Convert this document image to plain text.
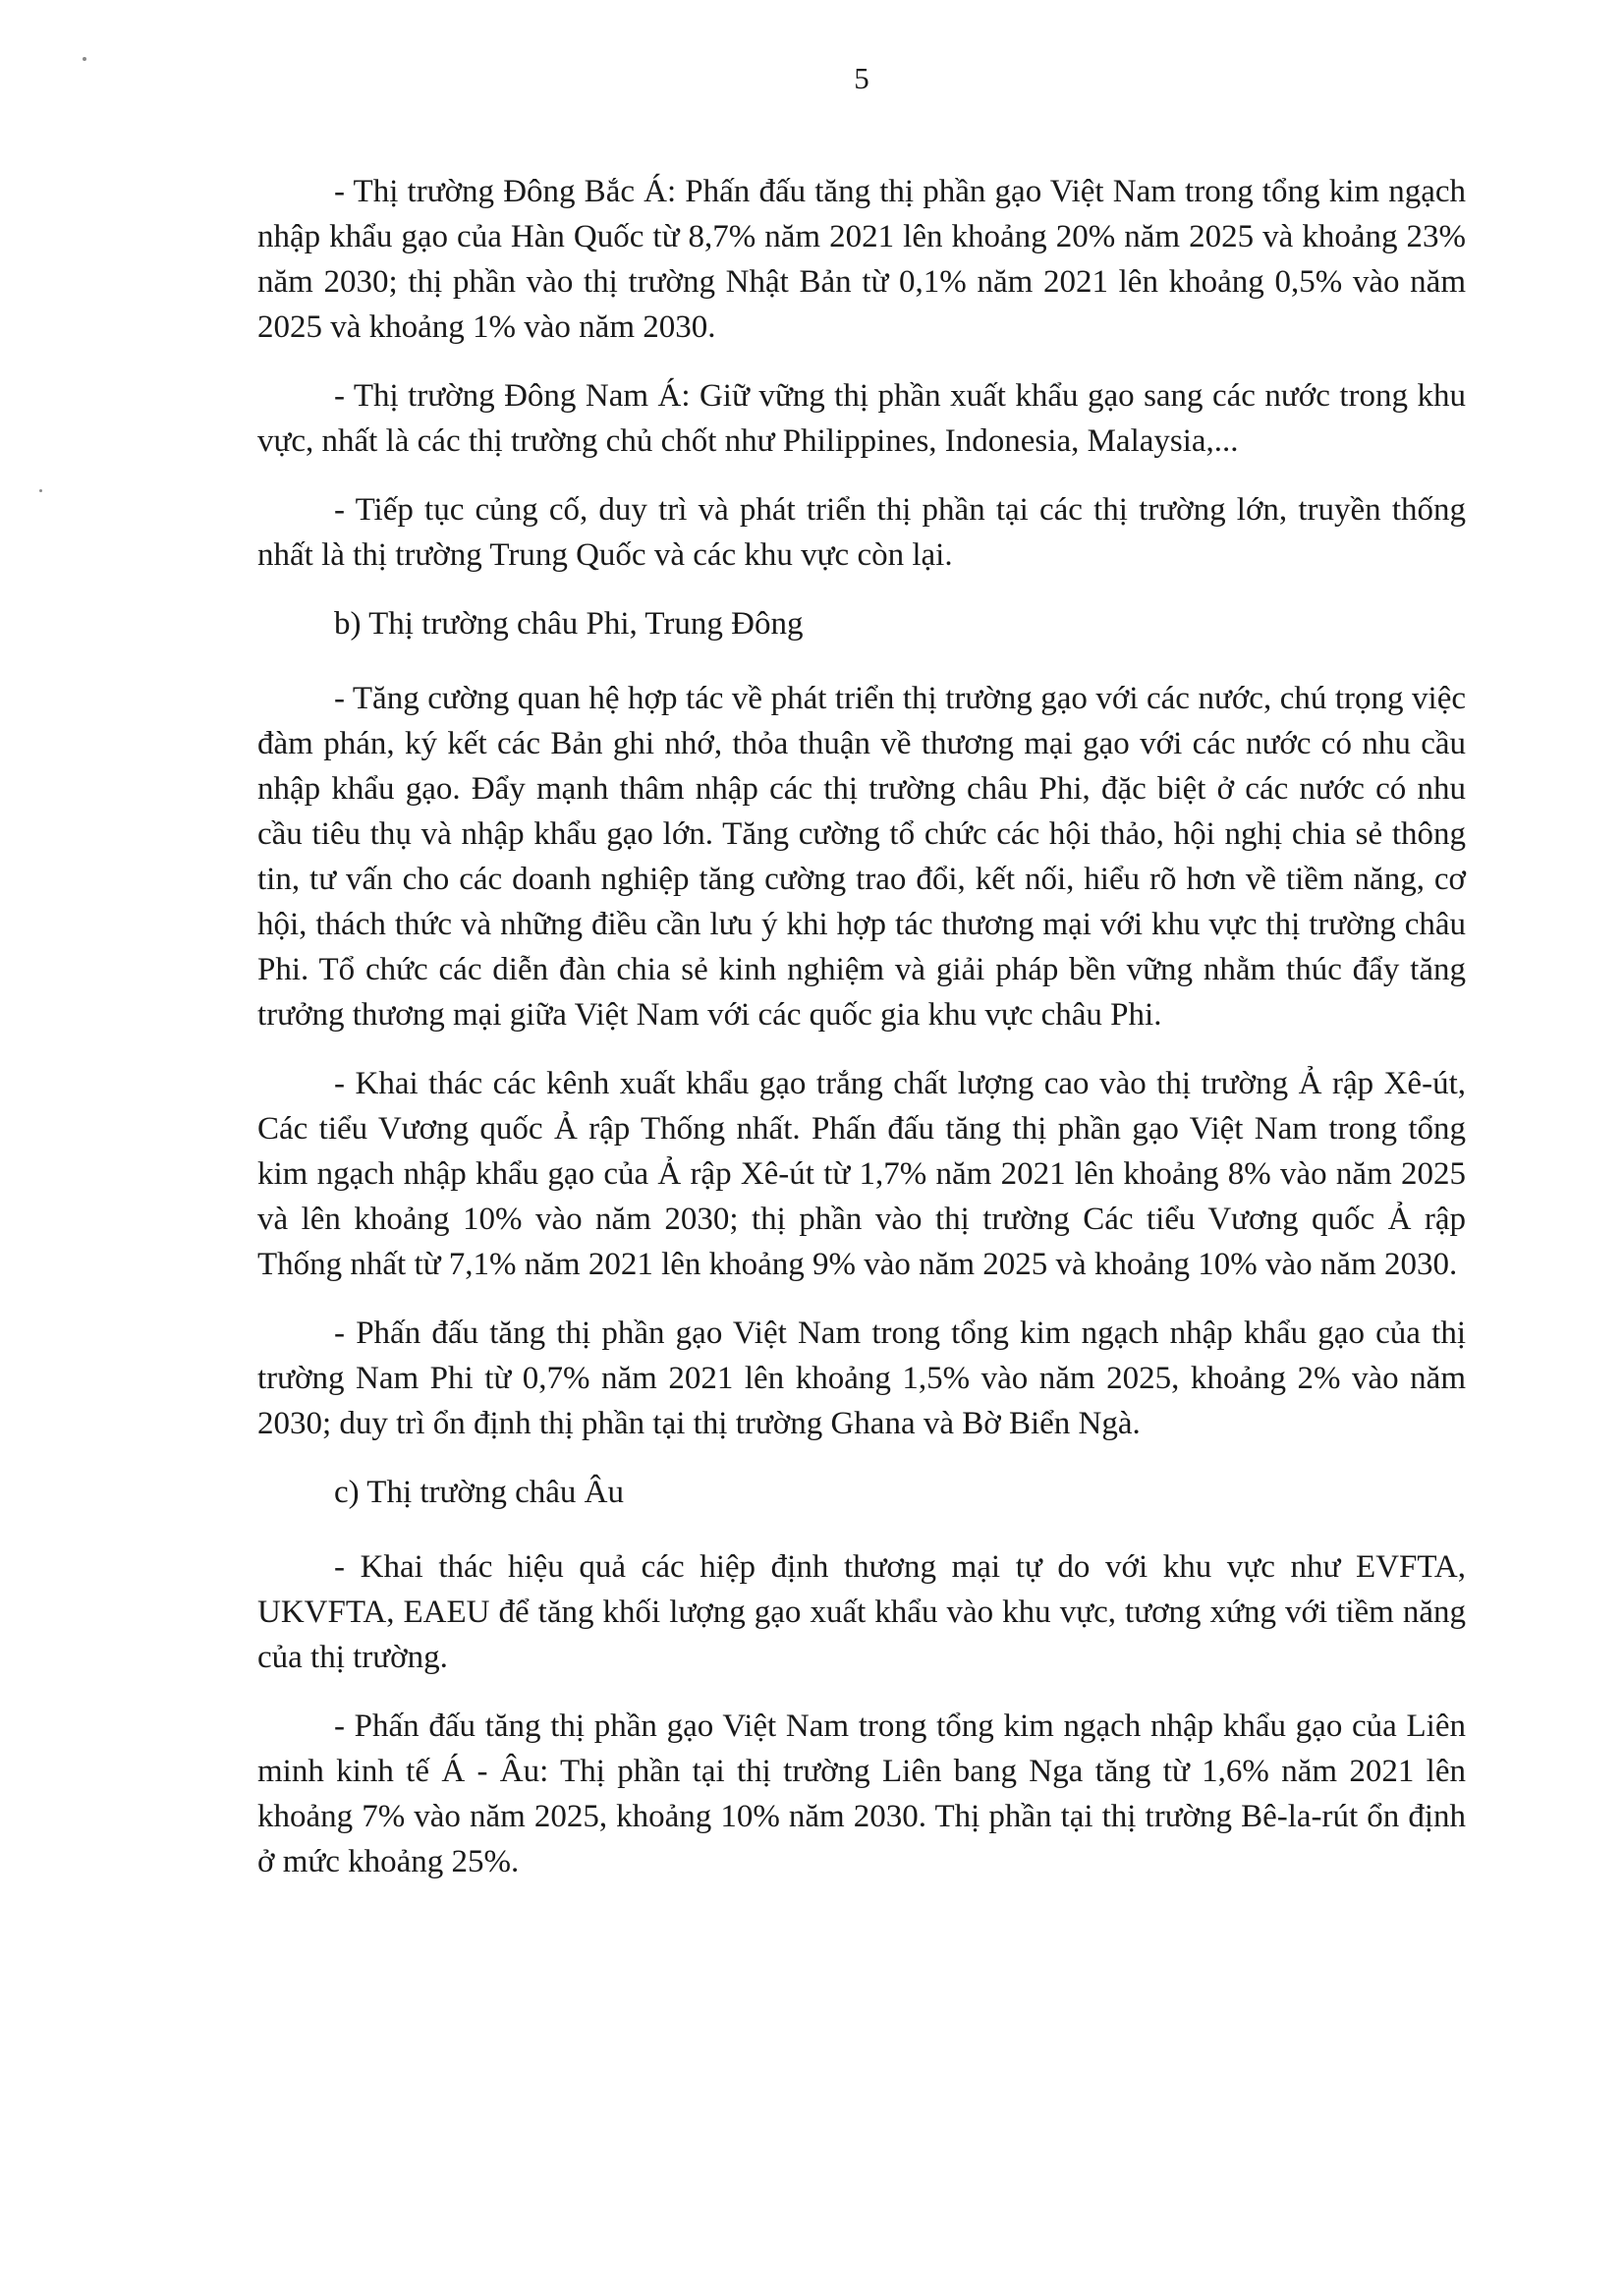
5

- Thị trường Đông Bắc Á: Phấn đấu tăng thị phần gạo Việt Nam trong tổng kim ngạch nhập khẩu gạo của Hàn Quốc từ 8,7% năm 2021 lên khoảng 20% năm 2025 và khoảng 23% năm 2030; thị phần vào thị trường Nhật Bản từ 0,1% năm 2021 lên khoảng 0,5% vào năm 2025 và khoảng 1% vào năm 2030.

- Thị trường Đông Nam Á: Giữ vững thị phần xuất khẩu gạo sang các nước trong khu vực, nhất là các thị trường chủ chốt như Philippines, Indonesia, Malaysia,...

- Tiếp tục củng cố, duy trì và phát triển thị phần tại các thị trường lớn, truyền thống nhất là thị trường Trung Quốc và các khu vực còn lại.

b) Thị trường châu Phi, Trung Đông

- Tăng cường quan hệ hợp tác về phát triển thị trường gạo với các nước, chú trọng việc đàm phán, ký kết các Bản ghi nhớ, thỏa thuận về thương mại gạo với các nước có nhu cầu nhập khẩu gạo. Đẩy mạnh thâm nhập các thị trường châu Phi, đặc biệt ở các nước có nhu cầu tiêu thụ và nhập khẩu gạo lớn. Tăng cường tổ chức các hội thảo, hội nghị chia sẻ thông tin, tư vấn cho các doanh nghiệp tăng cường trao đổi, kết nối, hiểu rõ hơn về tiềm năng, cơ hội, thách thức và những điều cần lưu ý khi hợp tác thương mại với khu vực thị trường châu Phi. Tổ chức các diễn đàn chia sẻ kinh nghiệm và giải pháp bền vững nhằm thúc đẩy tăng trưởng thương mại giữa Việt Nam với các quốc gia khu vực châu Phi.

- Khai thác các kênh xuất khẩu gạo trắng chất lượng cao vào thị trường Ả rập Xê-út, Các tiểu Vương quốc Ả rập Thống nhất. Phấn đấu tăng thị phần gạo Việt Nam trong tổng kim ngạch nhập khẩu gạo của Ả rập Xê-út từ 1,7% năm 2021 lên khoảng 8% vào năm 2025 và lên khoảng 10% vào năm 2030; thị phần vào thị trường Các tiểu Vương quốc Ả rập Thống nhất từ 7,1% năm 2021 lên khoảng 9% vào năm 2025 và khoảng 10% vào năm 2030.

- Phấn đấu tăng thị phần gạo Việt Nam trong tổng kim ngạch nhập khẩu gạo của thị trường Nam Phi từ 0,7% năm 2021 lên khoảng 1,5% vào năm 2025, khoảng 2% vào năm 2030; duy trì ổn định thị phần tại thị trường Ghana và Bờ Biển Ngà.

c) Thị trường châu Âu

- Khai thác hiệu quả các hiệp định thương mại tự do với khu vực như EVFTA, UKVFTA, EAEU để tăng khối lượng gạo xuất khẩu vào khu vực, tương xứng với tiềm năng của thị trường.

- Phấn đấu tăng thị phần gạo Việt Nam trong tổng kim ngạch nhập khẩu gạo của Liên minh kinh tế Á - Âu: Thị phần tại thị trường Liên bang Nga tăng từ 1,6% năm 2021 lên khoảng 7% vào năm 2025, khoảng 10% năm 2030. Thị phần tại thị trường Bê-la-rút ổn định ở mức khoảng 25%.
